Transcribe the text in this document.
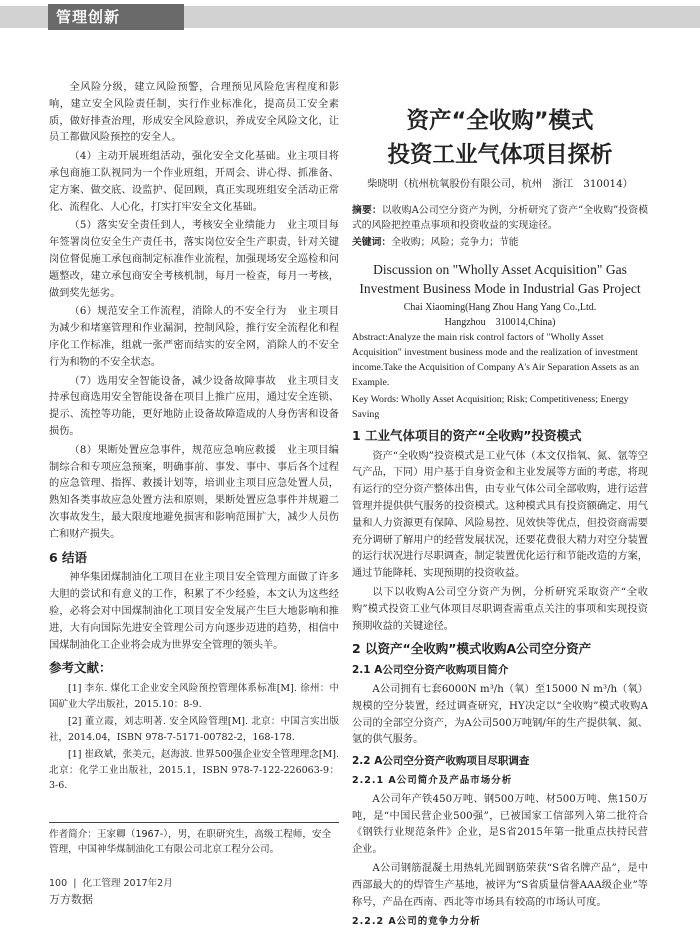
管理创新

全风险分级，建立风险预警，合理预见风险危害程度和影响，建立安全风险责任制，实行作业标准化，提高员工安全素质，做好排查治理，形成安全风险意识，养成安全风险文化，让员工都做风险预控的安全人。

（4）主动开展班组活动，强化安全文化基础。业主项目将承包商施工队视同为一个作业班组，开周会、讲心得、抓准备、定方案、做交底、设监护、促回顾，真正实现班组安全活动正常化、流程化、人心化，打实打牢安全文化基础。

（5）落实安全责任到人，考核安全业绩能力　业主项目每年签署岗位安全生产责任书，落实岗位安全生产职责，针对关键岗位督促施工承包商制定标准作业流程，加强现场安全巡检和问题整改，建立承包商安全考核机制，每月一检查，每月一考核，做到奖先惩劣。

（6）规范安全工作流程，消除人的不安全行为　业主项目为减少和堵塞管理和作业漏洞，控制风险，推行安全流程化和程序化工作标准，组就一张严密而结实的安全网，消除人的不安全行为和物的不安全状态。

（7）选用安全智能设备，减少设备故障事故　业主项目支持承包商选用安全智能设备在项目上推广应用，通过安全连锁、提示、流控等功能，更好地防止设备故障造成的人身伤害和设备损伤。

（8）果断处置应急事件，规范应急响应救援　业主项目编制综合和专项应急预案，明确事前、事发、事中、事后各个过程的应急管理、指挥、救援计划等，培训业主项目应急处置人员，熟知各类事故应急处置方法和原则，果断处置应急事件并规避二次事故发生，最大限度地避免损害和影响范围扩大，减少人员伤亡和财产损失。

6 结语

神华集团煤制油化工项目在业主项目安全管理方面做了许多大胆的尝试和有意义的工作，积累了不少经验，本文认为这些经验，必将会对中国煤制油化工项目安全发展产生巨大地影响和推进，大有向国际先进安全管理公司方向逐步迈进的趋势，相信中国煤制油化工企业将会成为世界安全管理的领头羊。

参考文献：

[1] 李东. 煤化工企业安全风险预控管理体系标准[M]. 徐州：中国矿业大学出版社，2015.10：8-9.

[2] 董立霞，刘志明著. 安全风险管理[M]. 北京：中国言实出版社，2014.04，ISBN 978-7-5171-00782-2，168-178.

[1] 崔政斌，张美元，赵海波. 世界500强企业安全管理理念[M]. 北京：化学工业出版社，2015.1，ISBN 978-7-122-226063-9：3-6.

作者简介：王家卿（1967-），男，在职研究生，高级工程师，安全管理，中国神华煤制油化工有限公司北京工程分公司。
资产“全收购”模式
投资工业气体项目探析
柴晓明（杭州杭氧股份有限公司，杭州　浙江　310014）

摘要：以收购A公司空分资产为例，分析研究了资产“全收购”投资模式的风险把控重点事项和投资收益的实现途径。

关键词：全收购；风险；竞争力；节能

Discussion on "Wholly Asset Acquisition" Gas Investment Business Mode in Industrial Gas Project
Chai Xiaoming(Hang Zhou Hang Yang Co.,Ltd.
Hangzhou　310014,China)

Abstract:Analyze the main risk control factors of "Wholly Asset Acquisition" investment business mode and the realization of investment income.Take the Acquisition of Company A's Air Separation Assets as an Example.

Key Words: Wholly Asset Acquisition; Risk; Competitiveness; Energy Saving

1 工业气体项目的资产“全收购”投资模式

资产“全收购”投资模式是工业气体（本文仅指氧、氮、氩等空气产品，下同）用户基于自身资金和主业发展等方面的考虑，将现有运行的空分资产整体出售，由专业气体公司全部收购，进行运营管理并提供供气服务的投资模式。这种模式具有投资额确定、用气量和人力资源更有保障、风险易控、见效快等优点，但投资商需要充分调研了解用户的经营发展状况，还要花费很大精力对空分装置的运行状况进行尽职调查，制定装置优化运行和节能改造的方案，通过节能降耗、实现预期的投资收益。

以下以收购A公司空分资产为例，分析研究采取资产“全收购”模式投资工业气体项目尽职调查需重点关注的事项和实现投资预期收益的关键途径。

2 以资产“全收购”模式收购A公司空分资产
2.1 A公司空分资产收购项目简介

A公司拥有七套6000N m³/h（氧）至15000 N m³/h（氧）规模的空分装置，经过调查研究，HY决定以“全收购”模式收购A公司的全部空分资产，为A公司500万吨钢/年的生产提供氧、氮、氩的供气服务。

2.2 A公司空分资产收购项目尽职调查
2.2.1 A公司简介及产品市场分析

A公司年产铁450万吨、钢500万吨、材500万吨、焦150万吨，是“中国民营企业500强”，已被国家工信部列入第二批符合《钢铁行业规范条件》企业，是S省2015年第一批重点扶持民营企业。

A公司钢筋混凝土用热轧光圆钢筋荣获“S省名牌产品”，是中西部最大的的焊管生产基地，被评为“S省质量信誉AAA级企业”等称号，产品在西南、西北等市场具有较高的市场认可度。

2.2.2 A公司的竞争力分析
100  |  化工管理 2017年2月
万方数据
